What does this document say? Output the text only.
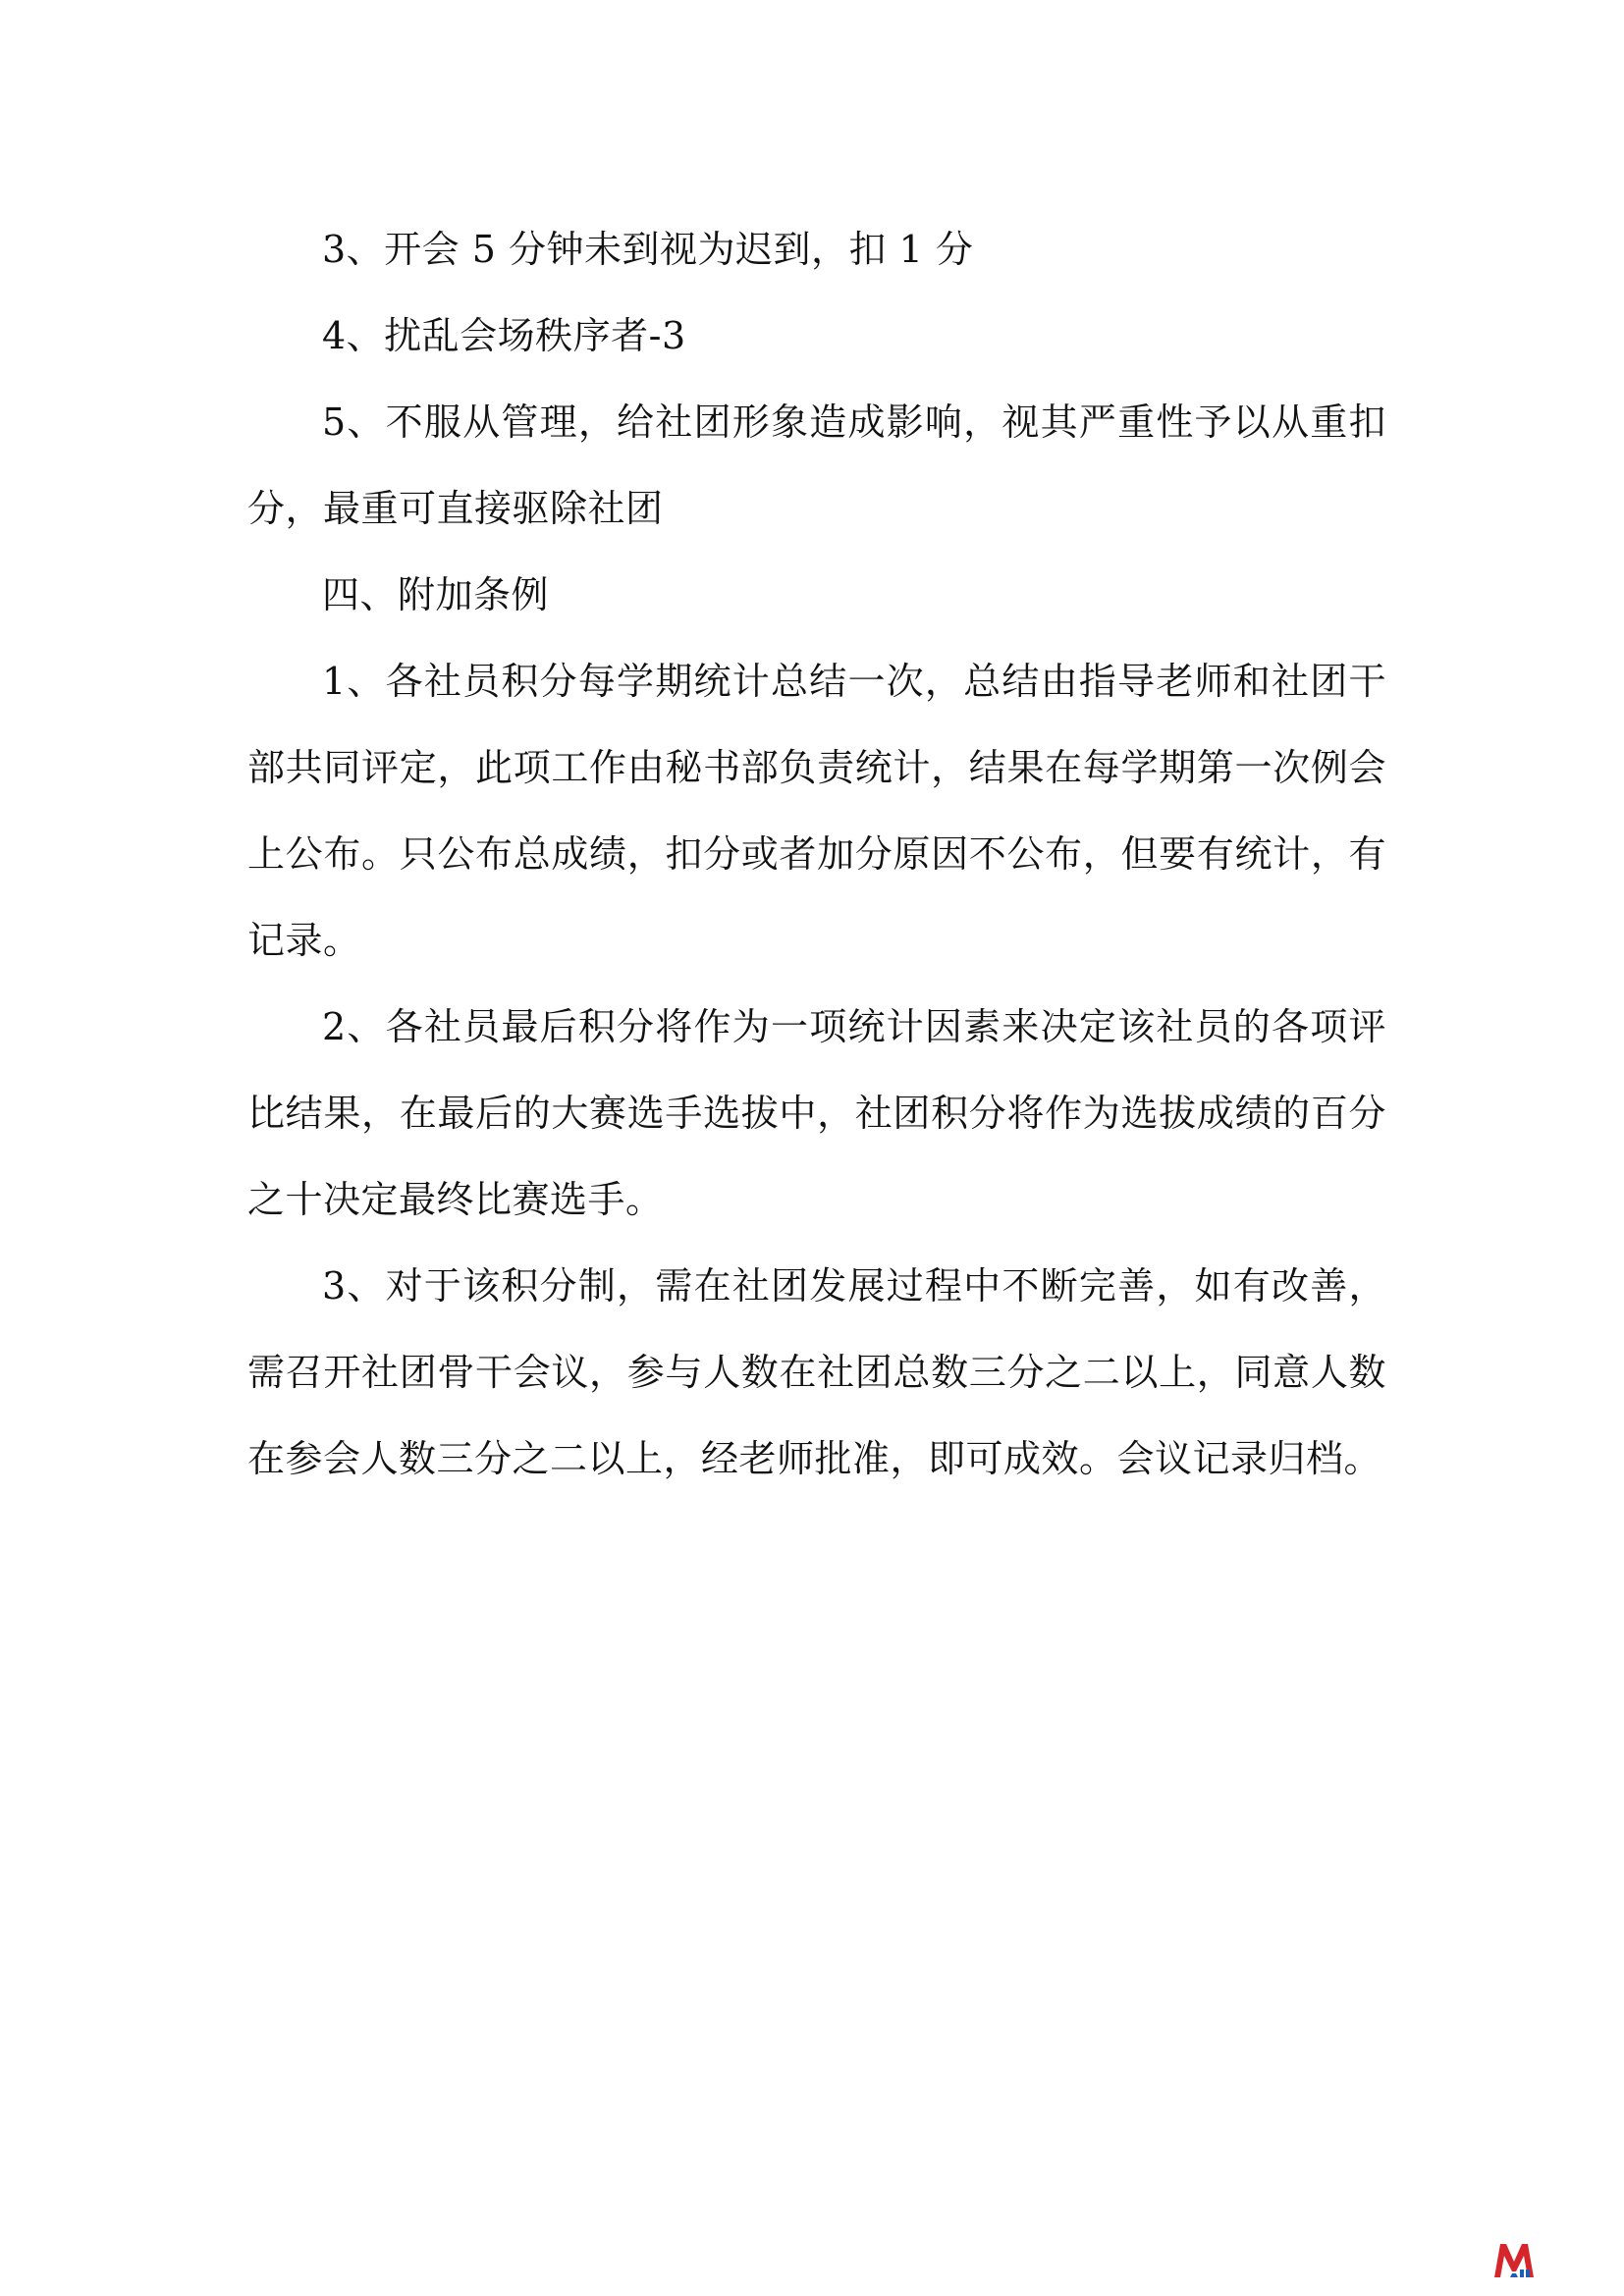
3、开会 5 分钟未到视为迟到，扣 1 分

4、扰乱会场秩序者-3

5、不服从管理，给社团形象造成影响，视其严重性予以从重扣分，最重可直接驱除社团

四、附加条例

1、各社员积分每学期统计总结一次，总结由指导老师和社团干部共同评定，此项工作由秘书部负责统计，结果在每学期第一次例会上公布。只公布总成绩，扣分或者加分原因不公布，但要有统计，有记录。

2、各社员最后积分将作为一项统计因素来决定该社员的各项评比结果，在最后的大赛选手选拔中，社团积分将作为选拔成绩的百分之十决定最终比赛选手。

3、对于该积分制，需在社团发展过程中不断完善，如有改善，需召开社团骨干会议，参与人数在社团总数三分之二以上，同意人数在参会人数三分之二以上，经老师批准，即可成效。会议记录归档。
